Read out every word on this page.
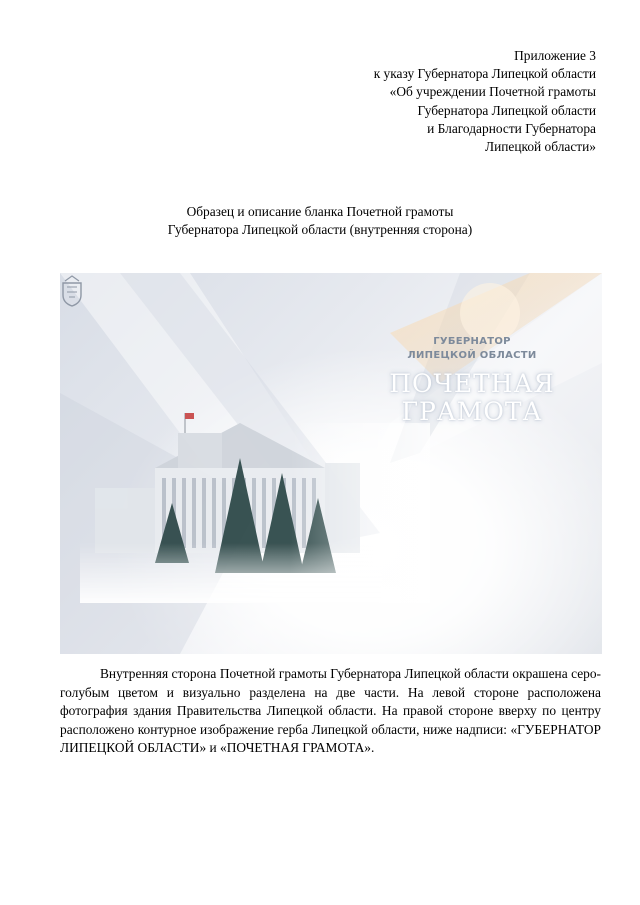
Приложение 3
к указу Губернатора Липецкой области
«Об учреждении Почетной грамоты
Губернатора Липецкой области
и Благодарности Губернатора
Липецкой области»
Образец и описание бланка Почетной грамоты
Губернатора Липецкой области (внутренняя сторона)
ГУБЕРНАТОР
ЛИПЕЦКОЙ ОБЛАСТИ
ПОЧЕТНАЯ
ГРАМОТА

Внутренняя сторона Почетной грамоты Губернатора Липецкой области окрашена серо-голубым цветом и визуально разделена на две части. На левой стороне расположена фотография здания Правительства Липецкой области. На правой стороне вверху по центру расположено контурное изображение герба Липецкой области, ниже надписи: «ГУБЕРНАТОР ЛИПЕЦКОЙ ОБЛАСТИ» и «ПОЧЕТНАЯ ГРАМОТА».
